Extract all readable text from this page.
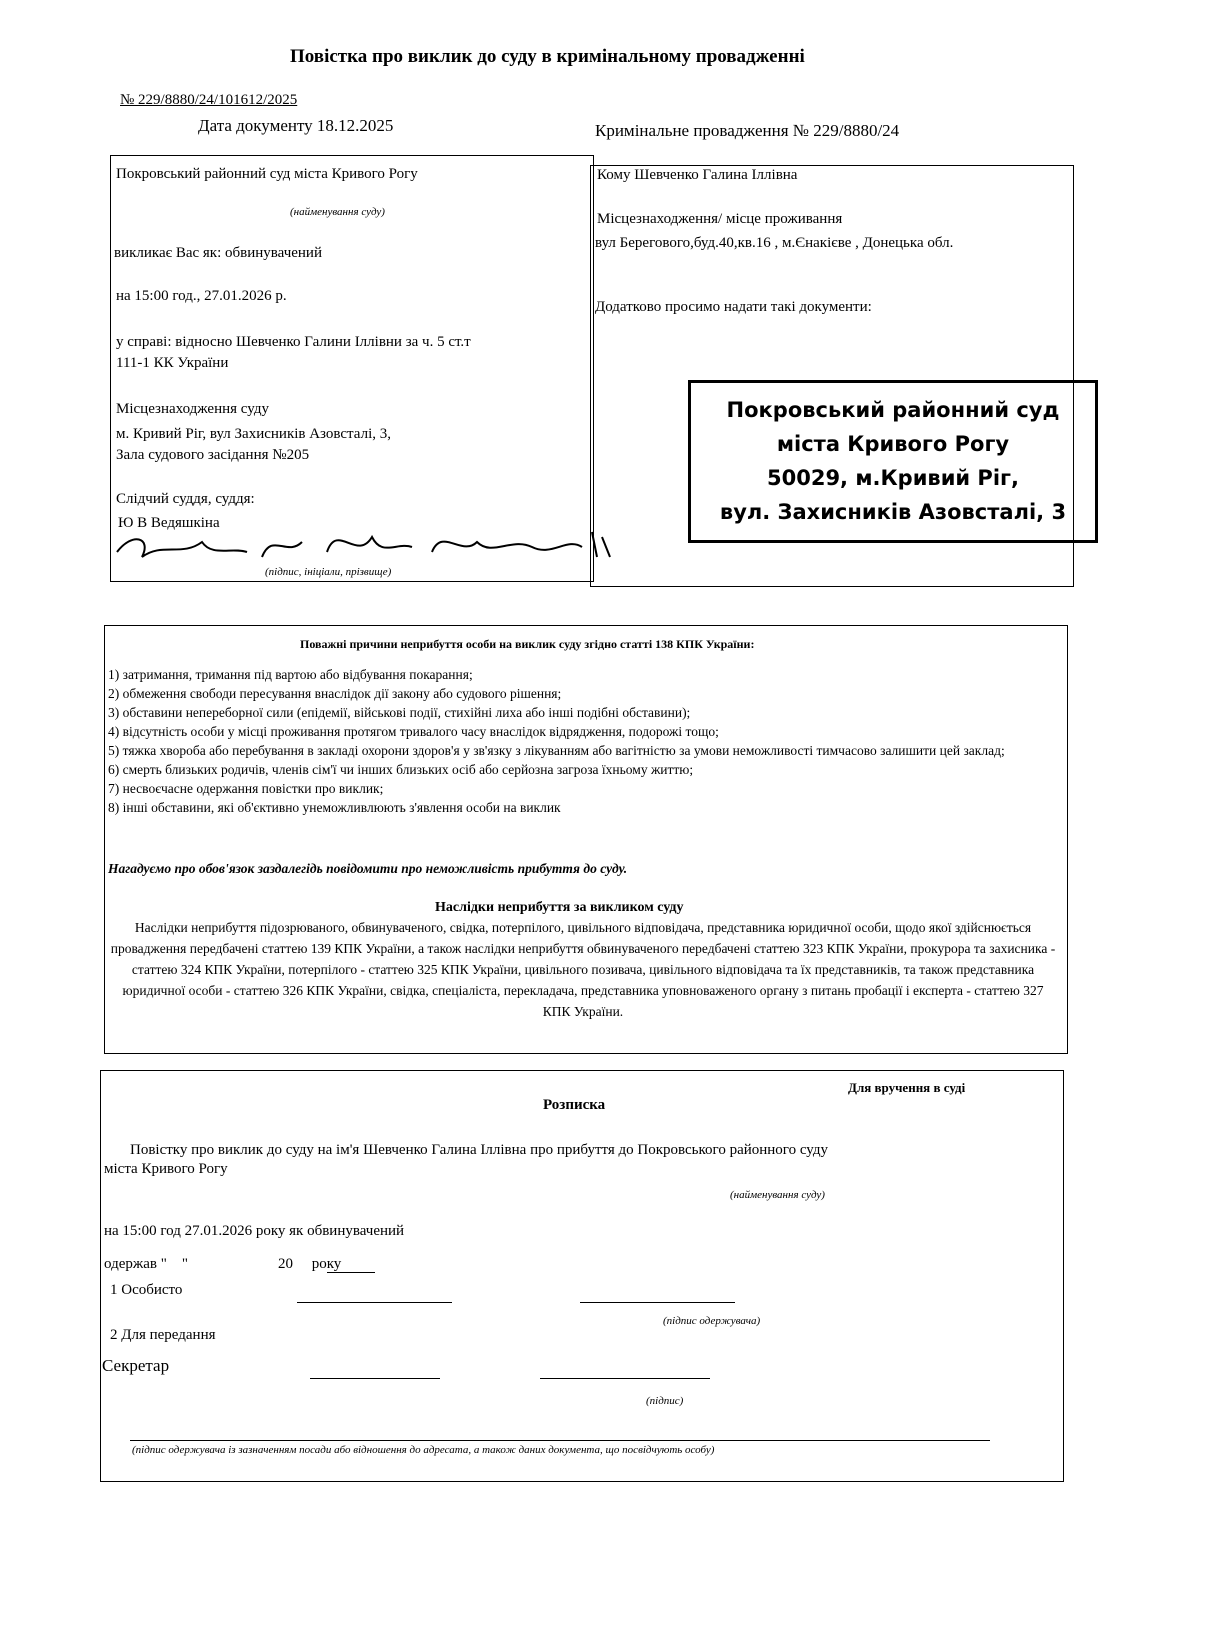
Повістка про виклик до суду в кримінальному провадженні
№ 229/8880/24/101612/2025
Дата документу 18.12.2025	Кримінальне провадження № 229/8880/24
Покровський районний суд міста Кривого Рогу
(найменування суду)
викликає Вас як: обвинувачений
на 15:00 год., 27.01.2026 р.
у справі: відносно Шевченко Галини Іллівни за ч. 5 ст.т
111-1 КК України
Місцезнаходження суду
м. Кривий Ріг, вул Захисників Азовсталі, 3,
Зала судового засідання №205
Слідчий суддя, суддя:
Ю В Ведяшкіна
(підпис, ініціали, прізвище)
Кому Шевченко Галина Іллівна
Місцезнаходження/ місце проживання
вул Берегового,буд.40,кв.16 , м.Єнакієве , Донецька обл.
Додатково просимо надати такі документи:
Покровський районний суд
міста Кривого Рогу
50029, м.Кривий Ріг,
вул. Захисників Азовсталі, 3
Поважні причини неприбуття особи на виклик суду згідно статті 138 КПК України:
1) затримання, тримання під вартою або відбування покарання;
2) обмеження свободи пересування внаслідок дії закону або судового рішення;
3) обставини непереборної сили (епідемії, військові події, стихійні лиха або інші подібні обставини);
4) відсутність особи у місці проживання протягом тривалого часу внаслідок відрядження, подорожі тощо;
5) тяжка хвороба або перебування в закладі охорони здоров'я у зв'язку з лікуванням або вагітністю за умови неможливості тимчасово залишити цей заклад;
6) смерть близьких родичів, членів сім'ї чи інших близьких осіб або серйозна загроза їхньому життю;
7) несвоєчасне одержання повістки про виклик;
8) інші обставини, які об'єктивно унеможливлюють з'явлення особи на виклик
Нагадуємо про обов'язок заздалегідь повідомити про неможливість прибуття до суду.
Наслідки неприбуття за викликом суду
Наслідки неприбуття підозрюваного, обвинуваченого, свідка, потерпілого, цивільного відповідача, представника юридичної особи, щодо якої здійснюється провадження передбачені статтею 139 КПК України, а також наслідки неприбуття обвинуваченого передбачені статтею 323 КПК України, прокурора та захисника - статтею 324 КПК України, потерпілого - статтею 325 КПК України, цивільного позивача, цивільного відповідача та їх представників, та також представника юридичної особи - статтею 326 КПК України, свідка, спеціаліста, перекладача, представника уповноваженого органу з питань пробації і експерта - статтею 327 КПК України.
Для вручення в суді
Розписка
Повістку про виклик до суду на ім'я Шевченко Галина Іллівна про прибуття до Покровського районного суду
міста Кривого Рогу
(найменування суду)
на 15:00 год 27.01.2026 року як обвинувачений
одержав "    "                        20     року
1 Особисто
(підпис одержувача)
2 Для передання
Секретар
(підпис)
(підпис одержувача із зазначенням посади або відношення до адресата, а також даних документа, що посвідчують особу)
